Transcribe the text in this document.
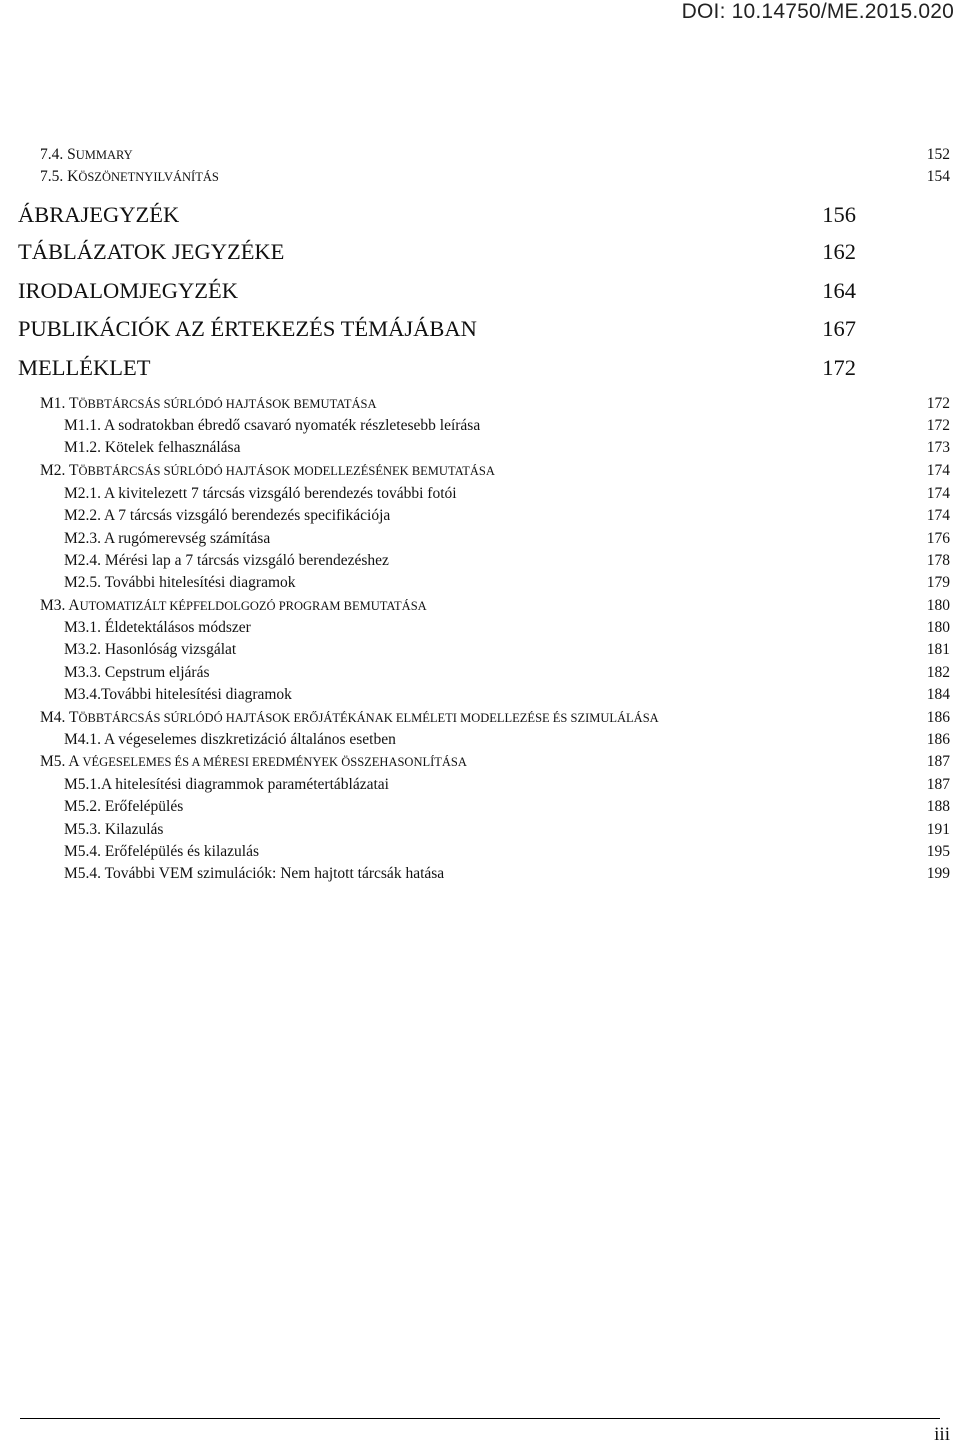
DOI: 10.14750/ME.2015.020
7.4. SUMMARY	152
7.5. KÖSZÖNETNYILVÁNÍTÁS	154
ÁBRAJEGYZÉK	156
TÁBLÁZATOK JEGYZÉKE	162
IRODALOMJEGYZÉK	164
PUBLIKÁCIÓK AZ ÉRTEKEZÉS TÉMÁJÁBAN	167
MELLÉKLET	172
M1. TÖBBTÁRCSÁS SÚRLÓDÓ HAJTÁSOK BEMUTATÁSA	172
M1.1. A sodratokban ébredő csavaró nyomaték részletesebb leírása	172
M1.2. Kötelek felhasználása	173
M2. TÖBBTÁRCSÁS SÚRLÓDÓ HAJTÁSOK MODELLEZÉSÉNEK BEMUTATÁSA	174
M2.1. A kivitelezett 7 tárcsás vizsgáló berendezés további fotói	174
M2.2. A 7 tárcsás vizsgáló berendezés specifikációja	174
M2.3. A rugómerevség számítása	176
M2.4. Mérési lap a 7 tárcsás vizsgáló berendezéshez	178
M2.5. További hitelesítési diagramok	179
M3. AUTOMATIZÁLT KÉPFELDOLGOZÓ PROGRAM BEMUTATÁSA	180
M3.1. Éldetektálásos módszer	180
M3.2. Hasonlóság vizsgálat	181
M3.3. Cepstrum eljárás	182
M3.4.További hitelesítési diagramok	184
M4. TÖBBTÁRCSÁS SÚRLÓDÓ HAJTÁSOK ERŐJÁTÉKÁNAK ELMÉLETI MODELLEZÉSE ÉS SZIMULÁLÁSA	186
M4.1. A végeselemes diszkretizáció általános esetben	186
M5. A VÉGESELEMES ÉS A MÉRESI EREDMÉNYEK ÖSSZEHASONLÍTÁSA	187
M5.1.A hitelesítési diagrammok paramétertáblázatai	187
M5.2. Erőfelépülés	188
M5.3. Kilazulás	191
M5.4. Erőfelépülés és kilazulás	195
M5.4. További VEM szimulációk: Nem hajtott tárcsák hatása	199
iii
